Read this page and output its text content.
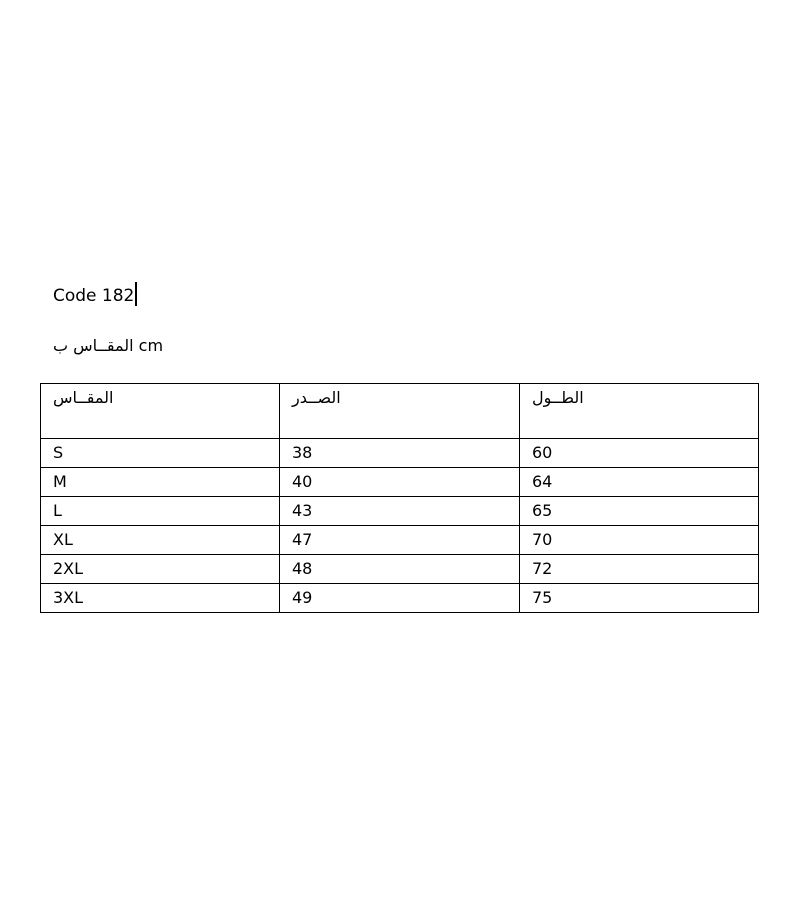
Code 182
المقــاس ب cm
المقــاس	الصــدر	الطــول
S	38	60
M	40	64
L	43	65
XL	47	70
2XL	48	72
3XL	49	75
